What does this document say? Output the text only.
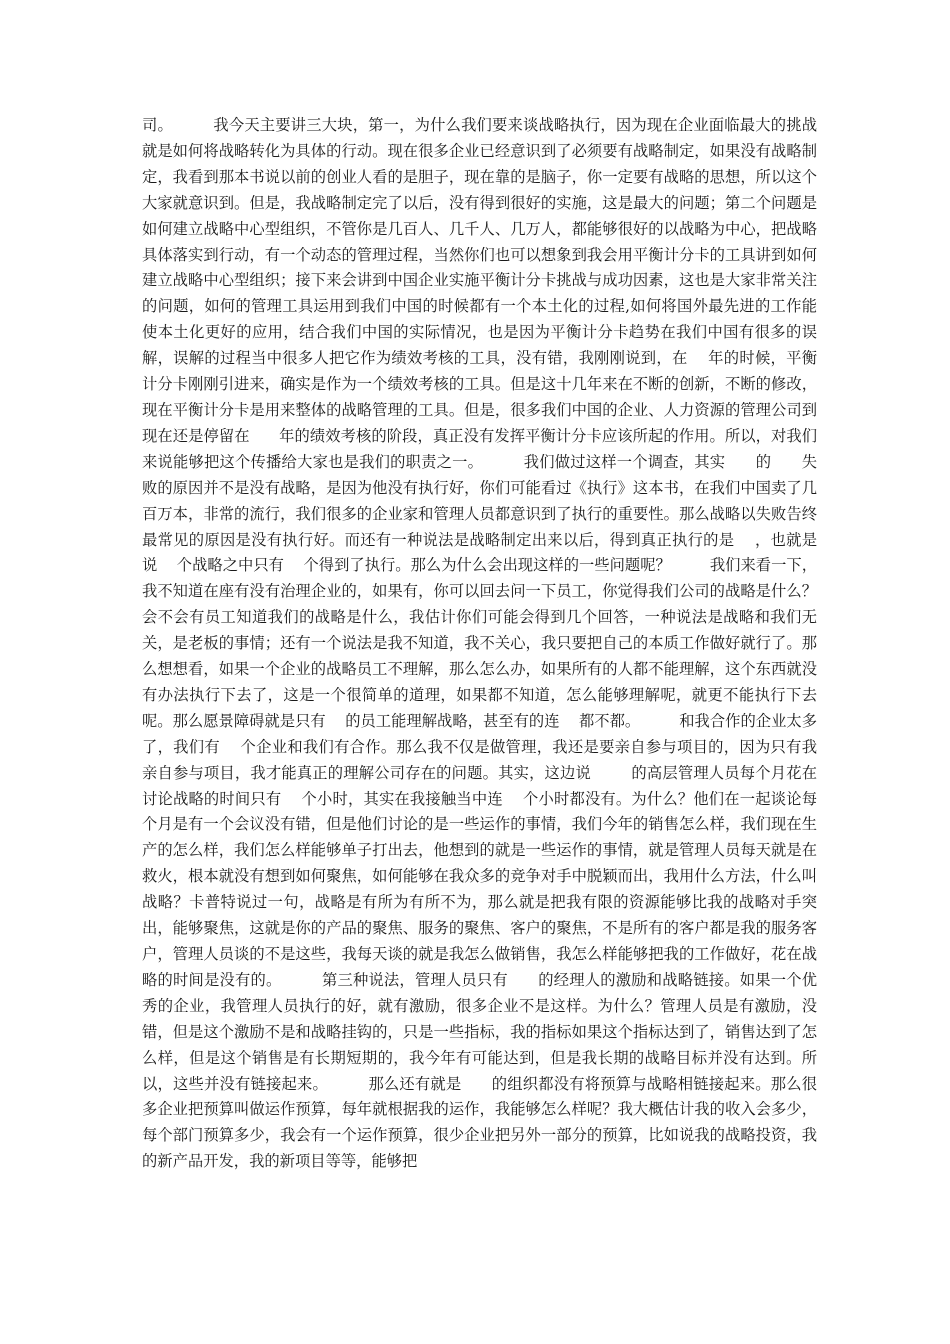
司。        我今天主要讲三大块，第一，为什么我们要来谈战略执行，因为现在企业面临最大的挑战就是如何将战略转化为具体的行动。现在很多企业已经意识到了必须要有战略制定，如果没有战略制定，我看到那本书说以前的创业人看的是胆子，现在靠的是脑子，你一定要有战略的思想，所以这个大家就意识到。但是，我战略制定完了以后，没有得到很好的实施，这是最大的问题；第二个问题是如何建立战略中心型组织，不管你是几百人、几千人、几万人，都能够很好的以战略为中心，把战略具体落实到行动，有一个动态的管理过程，当然你们也可以想象到我会用平衡计分卡的工具讲到如何建立战略中心型组织；接下来会讲到中国企业实施平衡计分卡挑战与成功因素，这也是大家非常关注的问题，如何的管理工具运用到我们中国的时候都有一个本土化的过程,如何将国外最先进的工作能使本土化更好的应用，结合我们中国的实际情况，也是因为平衡计分卡趋势在我们中国有很多的误解，误解的过程当中很多人把它作为绩效考核的工具，没有错，我刚刚说到，在    年的时候，平衡计分卡刚刚引进来，确实是作为一个绩效考核的工具。但是这十几年来在不断的创新，不断的修改，现在平衡计分卡是用来整体的战略管理的工具。但是，很多我们中国的企业、人力资源的管理公司到现在还是停留在      年的绩效考核的阶段，真正没有发挥平衡计分卡应该所起的作用。所以，对我们来说能够把这个传播给大家也是我们的职责之一。        我们做过这样一个调查，其实      的      失败的原因并不是没有战略，是因为他没有执行好，你们可能看过《执行》这本书，在我们中国卖了几百万本，非常的流行，我们很多的企业家和管理人员都意识到了执行的重要性。那么战略以失败告终最常见的原因是没有执行好。而还有一种说法是战略制定出来以后，得到真正执行的是    ，也就是说    个战略之中只有    个得到了执行。那么为什么会出现这样的一些问题呢？        我们来看一下，我不知道在座有没有治理企业的，如果有，你可以回去问一下员工，你觉得我们公司的战略是什么？会不会有员工知道我们的战略是什么，我估计你们可能会得到几个回答，一种说法是战略和我们无关，是老板的事情；还有一个说法是我不知道，我不关心，我只要把自己的本质工作做好就行了。那么想想看，如果一个企业的战略员工不理解，那么怎么办，如果所有的人都不能理解，这个东西就没有办法执行下去了，这是一个很简单的道理，如果都不知道，怎么能够理解呢，就更不能执行下去呢。那么愿景障碍就是只有    的员工能理解战略，甚至有的连    都不都。        和我合作的企业太多了，我们有    个企业和我们有合作。那么我不仅是做管理，我还是要亲自参与项目的，因为只有我亲自参与项目，我才能真正的理解公司存在的问题。其实，这边说        的高层管理人员每个月花在讨论战略的时间只有    个小时，其实在我接触当中连    个小时都没有。为什么？他们在一起谈论每个月是有一个会议没有错，但是他们讨论的是一些运作的事情，我们今年的销售怎么样，我们现在生产的怎么样，我们怎么样能够单子打出去，他想到的就是一些运作的事情，就是管理人员每天就是在救火，根本就没有想到如何聚焦，如何能够在我众多的竞争对手中脱颖而出，我用什么方法，什么叫战略？卡普特说过一句，战略是有所为有所不为，那么就是把我有限的资源能够比我的战略对手突出，能够聚焦，这就是你的产品的聚焦、服务的聚焦、客户的聚焦，不是所有的客户都是我的服务客户，管理人员谈的不是这些，我每天谈的就是我怎么做销售，我怎么样能够把我的工作做好，花在战略的时间是没有的。        第三种说法，管理人员只有      的经理人的激励和战略链接。如果一个优秀的企业，我管理人员执行的好，就有激励，很多企业不是这样。为什么？管理人员是有激励，没错，但是这个激励不是和战略挂钩的，只是一些指标，我的指标如果这个指标达到了，销售达到了怎么样，但是这个销售是有长期短期的，我今年有可能达到，但是我长期的战略目标并没有达到。所以，这些并没有链接起来。        那么还有就是      的组织都没有将预算与战略相链接起来。那么很多企业把预算叫做运作预算，每年就根据我的运作，我能够怎么样呢？我大概估计我的收入会多少，每个部门预算多少，我会有一个运作预算，很少企业把另外一部分的预算，比如说我的战略投资，我的新产品开发，我的新项目等等，能够把
